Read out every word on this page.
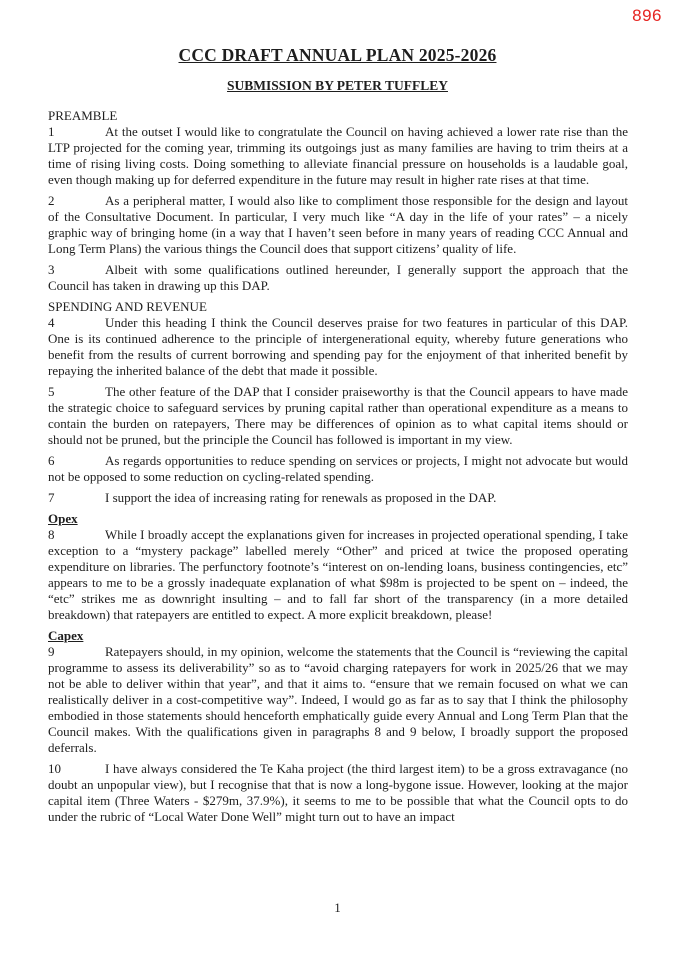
896
CCC DRAFT ANNUAL PLAN 2025-2026
SUBMISSION BY PETER TUFFLEY
PREAMBLE

1	At the outset I would like to congratulate the Council on having achieved a lower rate rise than the LTP projected for the coming year, trimming its outgoings just as many families are having to trim theirs at a time of rising living costs. Doing something to alleviate financial pressure on households is a laudable goal, even though making up for deferred expenditure in the future may result in higher rate rises at that time.

2	As a peripheral matter, I would also like to compliment those responsible for the design and layout of the Consultative Document. In particular, I very much like “A day in the life of your rates” – a nicely graphic way of bringing home (in a way that I haven’t seen before in many years of reading CCC Annual and Long Term Plans) the various things the Council does that support citizens’ quality of life.

3	Albeit with some qualifications outlined hereunder, I generally support the approach that the Council has taken in drawing up this DAP.

SPENDING AND REVENUE

4	Under this heading I think the Council deserves praise for two features in particular of this DAP. One is its continued adherence to the principle of intergenerational equity, whereby future generations who benefit from the results of current borrowing and spending pay for the enjoyment of that inherited benefit by repaying the inherited balance of the debt that made it possible.

5	The other feature of the DAP that I consider praiseworthy is that the Council appears to have made the strategic choice to safeguard services by pruning capital rather than operational expenditure as a means to contain the burden on ratepayers, There may be differences of opinion as to what capital items should or should not be pruned, but the principle the Council has followed is important in my view.

6	As regards opportunities to reduce spending on services or projects, I might not advocate but would not be opposed to some reduction on cycling-related spending.

7	I support the idea of increasing rating for renewals as proposed in the DAP.

Opex

8	While I broadly accept the explanations given for increases in projected operational spending, I take exception to a “mystery package” labelled merely “Other” and priced at twice the proposed operating expenditure on libraries. The perfunctory footnote’s “interest on on-lending loans, business contingencies, etc” appears to me to be a grossly inadequate explanation of what $98m is projected to be spent on – indeed, the “etc” strikes me as downright insulting – and to fall far short of the transparency (in a more detailed breakdown) that ratepayers are entitled to expect. A more explicit breakdown, please!

Capex

9	Ratepayers should, in my opinion, welcome the statements that the Council is “reviewing the capital programme to assess its deliverability” so as to “avoid charging ratepayers for work in 2025/26 that we may not be able to deliver within that year”, and that it aims to. “ensure that we remain focused on what we can realistically deliver in a cost-competitive way”. Indeed, I would go as far as to say that I think the philosophy embodied in those statements should henceforth emphatically guide every Annual and Long Term Plan that the Council makes. With the qualifications given in paragraphs 8 and 9 below, I broadly support the proposed deferrals.

10	I have always considered the Te Kaha project (the third largest item) to be a gross extravagance (no doubt an unpopular view), but I recognise that that is now a long-bygone issue. However, looking at the major capital item (Three Waters - $279m, 37.9%), it seems to me to be possible that what the Council opts to do under the rubric of “Local Water Done Well” might turn out to have an impact

1
